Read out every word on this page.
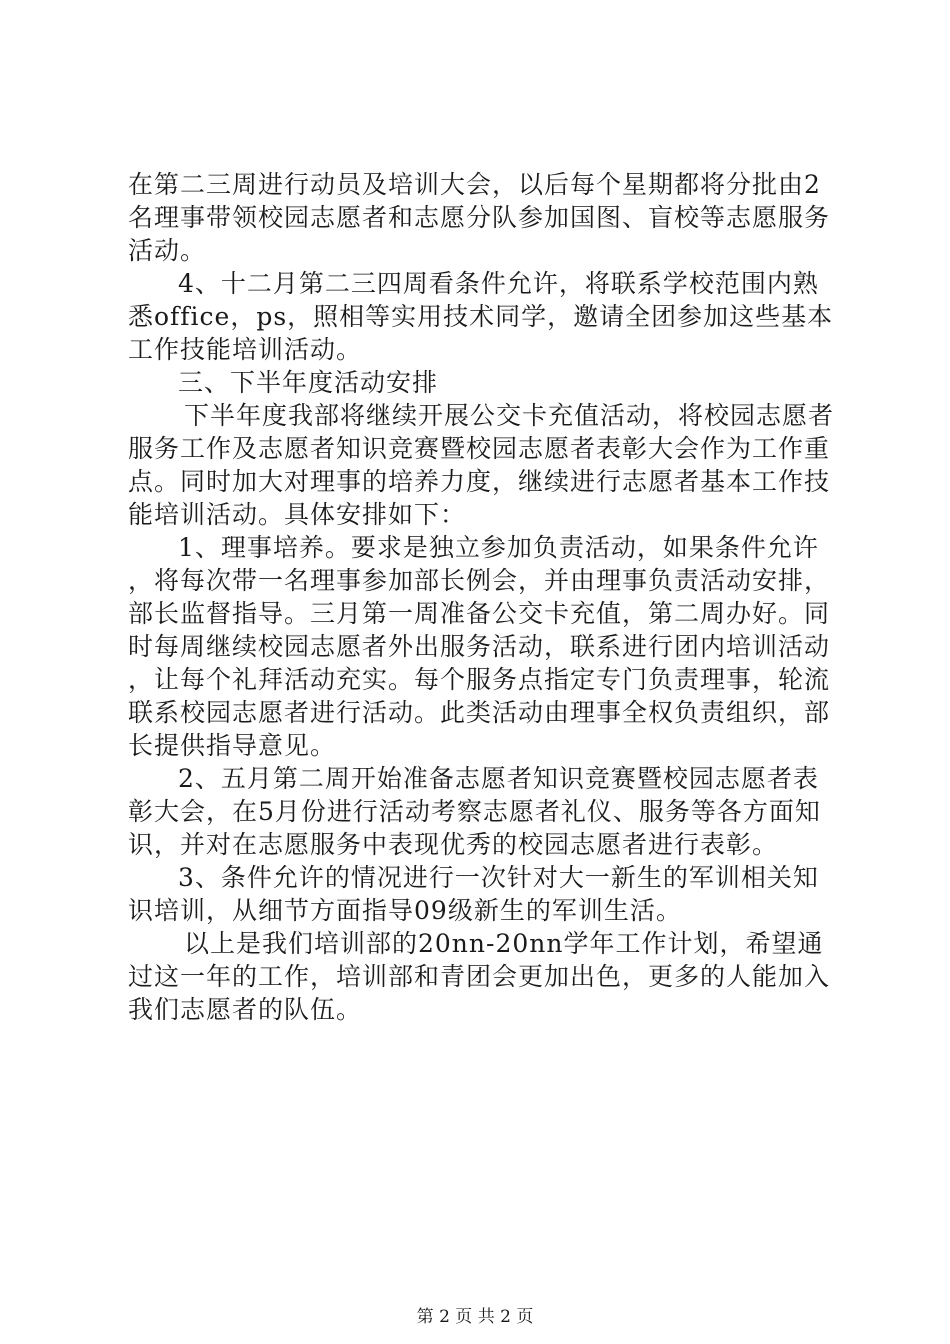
在第二三周进行动员及培训大会，以后每个星期都将分批由2名理事带领校园志愿者和志愿分队参加国图、盲校等志愿服务活动。

4、十二月第二三四周看条件允许，将联系学校范围内熟悉office，ps，照相等实用技术同学，邀请全团参加这些基本工作技能培训活动。

三、下半年度活动安排

下半年度我部将继续开展公交卡充值活动，将校园志愿者服务工作及志愿者知识竞赛暨校园志愿者表彰大会作为工作重点。同时加大对理事的培养力度，继续进行志愿者基本工作技能培训活动。具体安排如下：

1、理事培养。要求是独立参加负责活动，如果条件允许，将每次带一名理事参加部长例会，并由理事负责活动安排，部长监督指导。三月第一周准备公交卡充值，第二周办好。同时每周继续校园志愿者外出服务活动，联系进行团内培训活动，让每个礼拜活动充实。每个服务点指定专门负责理事，轮流联系校园志愿者进行活动。此类活动由理事全权负责组织，部长提供指导意见。

2、五月第二周开始准备志愿者知识竞赛暨校园志愿者表彰大会，在5月份进行活动考察志愿者礼仪、服务等各方面知识，并对在志愿服务中表现优秀的校园志愿者进行表彰。

3、条件允许的情况进行一次针对大一新生的军训相关知识培训，从细节方面指导09级新生的军训生活。

以上是我们培训部的20nn-20nn学年工作计划，希望通过这一年的工作，培训部和青团会更加出色，更多的人能加入我们志愿者的队伍。

第 2 页 共 2 页
